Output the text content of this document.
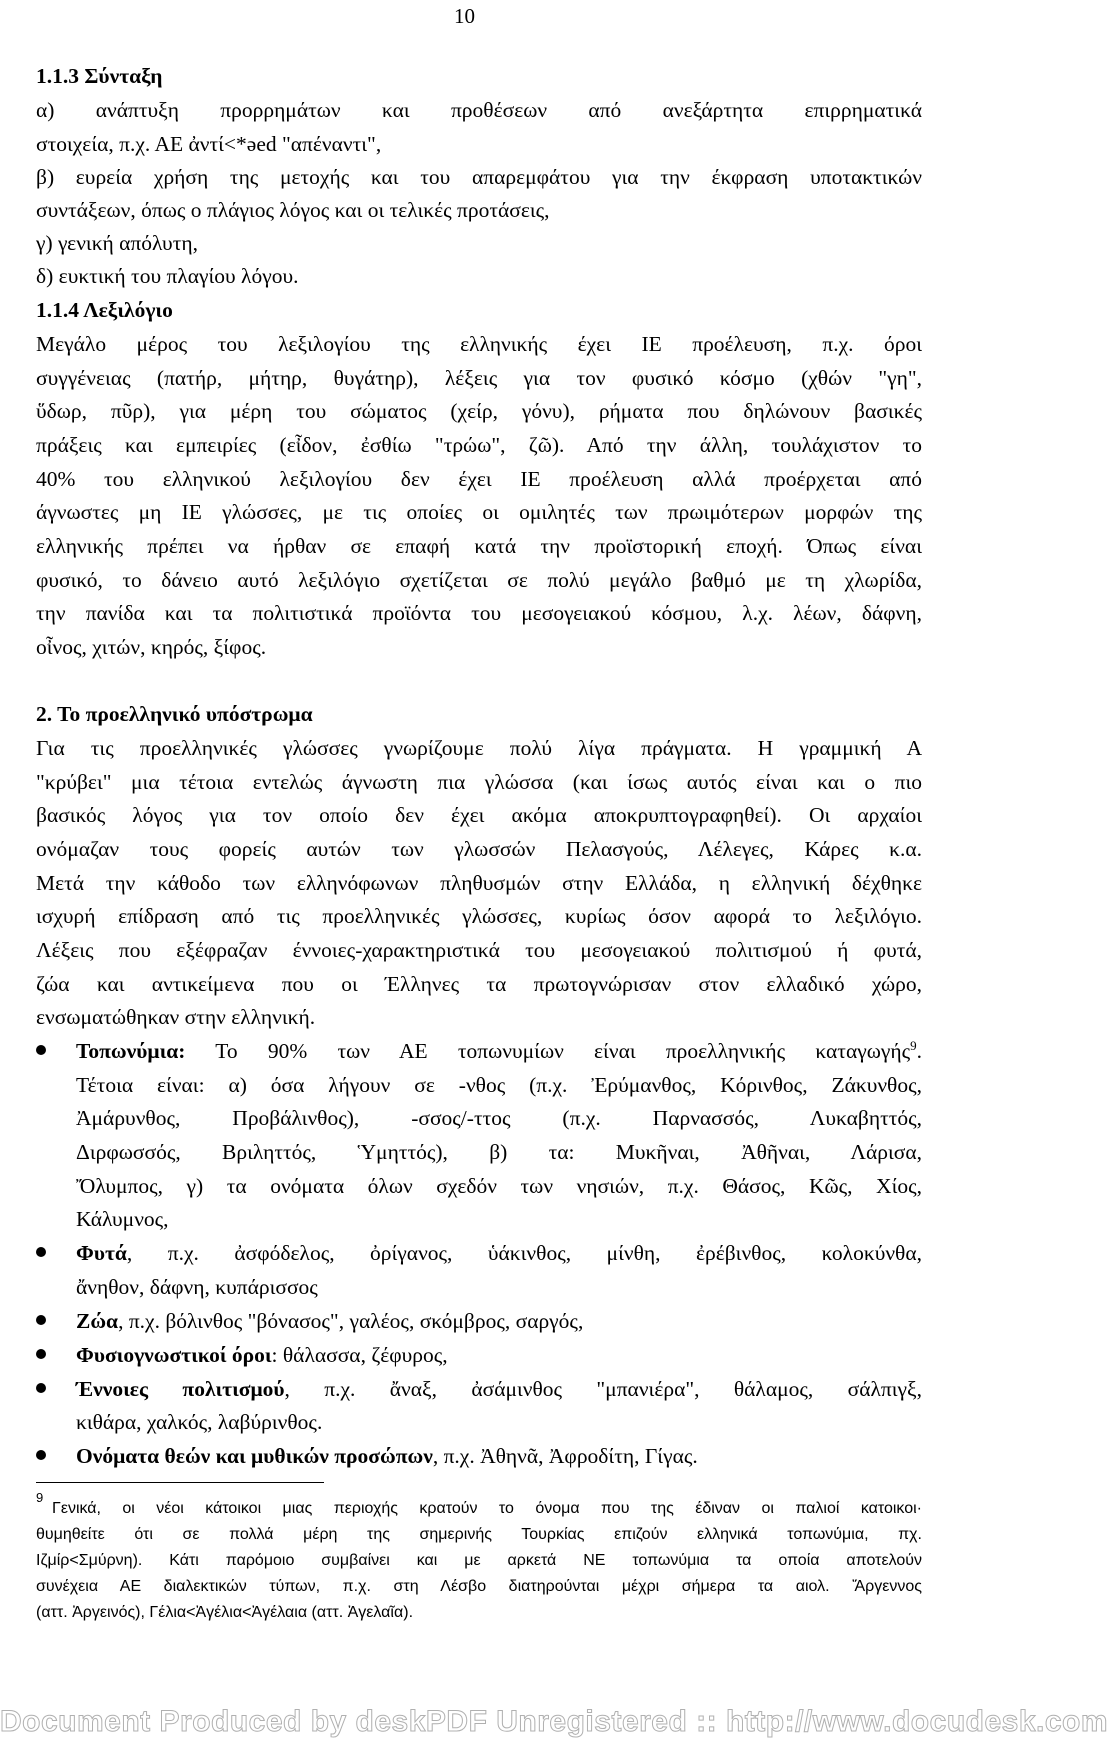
10
1.1.3 Σύνταξη
α) ανάπτυξη προρρημάτων και προθέσεων από ανεξάρτητα επιρρηματικά
στοιχεία, π.χ. ΑΕ ἀντί<*əed "απέναντι",
β) ευρεία χρήση της μετοχής και του απαρεμφάτου για την έκφραση υποτακτικών
συντάξεων, όπως ο πλάγιος λόγος και οι τελικές προτάσεις,
γ) γενική απόλυτη,
δ) ευκτική του πλαγίου λόγου.
1.1.4 Λεξιλόγιο
Μεγάλο μέρος του λεξιλογίου της ελληνικής έχει ΙΕ προέλευση, π.χ. όροι
συγγένειας (πατήρ, μήτηρ, θυγάτηρ), λέξεις για τον φυσικό κόσμο (χθών "γη",
ὕδωρ, πῦρ), για μέρη του σώματος (χείρ, γόνυ), ρήματα που δηλώνουν βασικές
πράξεις και εμπειρίες (εἶδον, ἐσθίω "τρώω", ζῶ). Από την άλλη, τουλάχιστον το
40% του ελληνικού λεξιλογίου δεν έχει ΙΕ προέλευση αλλά προέρχεται από
άγνωστες μη ΙΕ γλώσσες, με τις οποίες οι ομιλητές των πρωιμότερων μορφών της
ελληνικής πρέπει να ήρθαν σε επαφή κατά την προϊστορική εποχή. Όπως είναι
φυσικό, το δάνειο αυτό λεξιλόγιο σχετίζεται σε πολύ μεγάλο βαθμό με τη χλωρίδα,
την πανίδα και τα πολιτιστικά προϊόντα του μεσογειακού κόσμου, λ.χ. λέων, δάφνη,
οἶνος, χιτών, κηρός, ξίφος.
2. Το προελληνικό υπόστρωμα
Για τις προελληνικές γλώσσες γνωρίζουμε πολύ λίγα πράγματα. Η γραμμική Α
"κρύβει" μια τέτοια εντελώς άγνωστη πια γλώσσα (και ίσως αυτός είναι και ο πιο
βασικός λόγος για τον οποίο δεν έχει ακόμα αποκρυπτογραφηθεί). Οι αρχαίοι
ονόμαζαν τους φορείς αυτών των γλωσσών Πελασγούς, Λέλεγες, Κάρες κ.α.
Μετά την κάθοδο των ελληνόφωνων πληθυσμών στην Ελλάδα, η ελληνική δέχθηκε
ισχυρή επίδραση από τις προελληνικές γλώσσες, κυρίως όσον αφορά το λεξιλόγιο.
Λέξεις που εξέφραζαν έννοιες-χαρακτηριστικά του μεσογειακού πολιτισμού ή φυτά,
ζώα και αντικείμενα που οι Έλληνες τα πρωτογνώρισαν στον ελλαδικό χώρο,
ενσωματώθηκαν στην ελληνική.
Τοπωνύμια: Το 90% των ΑΕ τοπωνυμίων είναι προελληνικής καταγωγής$^9$.
Τέτοια είναι: α) όσα λήγουν σε -νθος (π.χ. Ἐρύμανθος, Κόρινθος, Ζάκυνθος,
Ἀμάρυνθος, Προβάλινθος), -σσος/-ττος (π.χ. Παρνασσός, Λυκαβηττός,
Διρφωσσός, Βριληττός, Ὑμηττός), β) τα: Μυκῆναι, Ἀθῆναι, Λάρισα,
Ὄλυμπος, γ) τα ονόματα όλων σχεδόν των νησιών, π.χ. Θάσος, Κῶς, Χίος,
Κάλυμνος,
Φυτά, π.χ. ἀσφόδελος, ὀρίγανος, ὑάκινθος, μίνθη, ἐρέβινθος, κολοκύνθα,
ἄνηθον, δάφνη, κυπάρισσος
Ζώα, π.χ. βόλινθος "βόνασος", γαλέος, σκόμβρος, σαργός,
Φυσιογνωστικοί όροι: θάλασσα, ζέφυρος,
Έννοιες πολιτισμού, π.χ. ἄναξ, ἀσάμινθος "μπανιέρα", θάλαμος, σάλπιγξ,
κιθάρα, χαλκός, λαβύρινθος.
Ονόματα θεών και μυθικών προσώπων, π.χ. Ἀθηνᾶ, Ἀφροδίτη, Γίγας.
9
Γενικά, οι νέοι κάτοικοι μιας περιοχής κρατούν το όνομα που της έδιναν οι παλιοί κατοικοι·
θυμηθείτε ότι σε πολλά μέρη της σημερινής Τουρκίας επιζούν ελληνικά τοπωνύμια, πχ.
Ιζμίρ<Σμύρνη). Κάτι παρόμοιο συμβαίνει και με αρκετά ΝΕ τοπωνύμια τα οποία αποτελούν
συνέχεια ΑΕ διαλεκτικών τύπων, π.χ. στη Λέσβο διατηρούνται μέχρι σήμερα τα αιολ. Ἄργεννος
(αττ. Ἀργεινός), Γέλια<Ἀγέλια<Ἀγέλαια (αττ. Ἀγελαῖα).
Document Produced by deskPDF Unregistered :: http://www.docudesk.com
